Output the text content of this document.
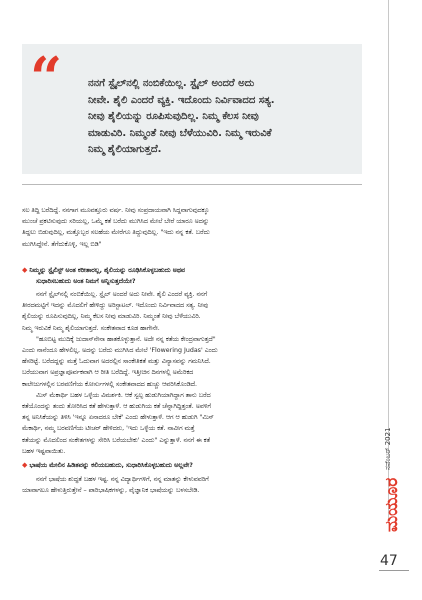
“	ನನಗೆ ಸ್ಟೈಲ್‌ನಲ್ಲಿ ನಂಬಿಕೆಯಿಲ್ಲ. ಸ್ಟೈಲ್ ಅಂದರೆ ಅದು
ನೀವೇ. ಶೈಲಿ ಎಂದರೆ ವ್ಯಕ್ತಿ. ಇದೊಂದು ನಿರ್ವಿವಾದದ ಸತ್ಯ.
ನೀವು ಶೈಲಿಯನ್ನು ರೂಪಿಸುವುದಿಲ್ಲ. ನಿಮ್ಮ ಕೆಲಸ ನೀವು
ಮಾಡುವಿರಿ. ನಿಮ್ಮಂತೆ ನೀವು ಬೆಳೆಯುವಿರಿ. ನಿಮ್ಮ ಇರುವಿಕೆ
ನಿಮ್ಮ ಶೈಲಿಯಾಗುತ್ತದೆ.
ಸಲ ತಿದ್ದಿ ಬರೆದಿದ್ದೆ. ನನಗಾಗ ಮೂವತ್ತೂರು ವರ್ಷ. ನೀವು ಸಂಪ್ರದಾಯವಾಗಿ ಸಿದ್ದವಾಗುವುದಕ್ಕೂ
ಮುಂಚೆ ಪ್ರಕಟಿಸುವುದು ಸರಿಯಲ್ಲ, ಒಮ್ಮೆ ಕತೆ ಬರೆದು ಮುಗಿಸಿದ ಮೇಲೆ ಬೇರೆ ಯಾರೂ ಅದನ್ನು
ತಿದ್ದಲು ಬಿಡುವುದಿಲ್ಲ, ಮತ್ತೊಬ್ಬರ ಸಲಹೆಯ ಮೇರೆಗೂ ತಿದ್ದುವುದಿಲ್ಲ. "ಇದು ನನ್ನ ಕತೆ. ಬರೆದು
ಮುಗಿಸಿದ್ದೇನೆ. ತೆಗೆದುಕೊಳ್ಳಿ, ಇಲ್ಲ ಬಿಡಿ"
◆ ನಿಮ್ಮನ್ನು ಸ್ಟೈಲಿಸ್ಟ್ ಅಂತ ಕರೀತಾರಲ್ಲ, ಶೈಲಿಯನ್ನು ರೂಢಿಸಿಕೊಳ್ಳಬಹುದು ಅಥವ
ಸುಧಾರಿಸಬಹುದು ಅಂತ ನಿಮಗೆ ಅನ್ನಿಸುತ್ತದೆಯೇ?
ನನಗೆ ಸ್ಟೈಲ್‌ನಲ್ಲಿ ನಂಬಿಕೆಯಿಲ್ಲ. ಸ್ಟೈಲ್ ಅಂದರೆ ಅದು ನೀವೇ. ಶೈಲಿ ಎಂದರೆ ವ್ಯಕ್ತಿ. ನನಗೆ
ತೀರದಮಟ್ಟಿಗೆ ಇದನ್ನು ಮೊದಲಿಗೆ ಹೇಳಿದ್ದು ಅರಿಸ್ಟಾಟಲ್. ಇದೊಂದು ನಿರ್ವಿವಾದದ ಸತ್ಯ. ನೀವು
ಶೈಲಿಯನ್ನು ರೂಪಿಸುವುದಿಲ್ಲ, ನಿಮ್ಮ ಕೆಲಸ ನೀವು ಮಾಡುವಿರಿ. ನಿಮ್ಮಂತೆ ನೀವು ಬೆಳೆಯುವಿರಿ.
ನಿಮ್ಮ ಇರುವಿಕೆ ನಿಮ್ಮ ಶೈಲಿಯಾಗುತ್ತದೆ. ಸಂಕೇತವಾದ ಕೂಡ ಹಾಗೇನೇ.
"ಹೂಬಿಟ್ಟ ಮುದಿಕ್ಕೆ ಜುದಾಸ್‌ನೇನಾ ಹಾತಕೊಳ್ಳುತ್ತಾನೆ. ಅದೇ ನನ್ನ ಕತೆಯ ಕೇಂದ್ರವಾಗುತ್ತದೆ"
ಎಂದು ನಾನೆಂದೂ ಹೇಳಲಿಲ್ಲ, ಅದನ್ನು ಬರೆದು ಮುಗಿಸಿದ ಮೇಲೆ 'Flowering Judas' ಎಂದು
ಹೆಸರಿಟ್ಟೆ. ಬರೆದದ್ದನ್ನು ಮತ್ತೆ ಓದುವಾಗ ಅದರಲ್ಲಿನ ಸಾಂಕೇತಿಕತೆ ಮತ್ತು ವಿನ್ಯಾಸವನ್ನು ಗಮನಿಸಿದೆ.
ಬರೆಯುವಾಗ ಅಪ್ರಜ್ಞಾಪೂರ್ವಕವಾಗಿ ಆ ರೀತಿ ಬರೆದಿದ್ದೆ. ಇತ್ತೀಚಿನ ದಿನಗಳಲ್ಲಿ ಅಮೆರಿಕದ
ಕಾಲೇಜುಗಳಲ್ಲಿನ ಬರವಣಿಗೆಯ ಕೋರ್ಸುಗಳಲ್ಲಿ ಸಂಕೇತವಾದದ ಹುಚ್ಚು ಆವರಿಸಿಕೊಂಡಿದೆ.
ಮಿಸ್ ಮೆಕಾರ್ಥಿ ಬಹಳ ಒಳ್ಳೆಯ ವಿಮರ್ಶಕಿ. ಆಕೆ ಸ್ವಲ್ಪ ಹುಡುಗಿಯಾಗಿದ್ದಾಗ ತಾನು ಬರೆದ
ಕತೆಯೊಂದನ್ನು ತಂದು ತೋರಿಸಿದ ಕತೆ ಹೇಳುತ್ತಾಳೆ. ಆ ಹುಡುಗಿಯ ಕತೆ ಚೆನ್ನಾಗಿದ್ದಿತ್ತಂತೆ. ಅವಳಿಗೆ
ತನ್ನ ಅನಿಸಿಕೆಯನ್ನು ತಿಳಿಸಿ 'ಇನ್ನೂ ಏನಾದರೂ ಬೇಕೆ' ಎಂದು ಹೇಳುತ್ತಾಳೆ. ಆಗ ಆ ಹುಡುಗಿ "ಮಿಸ್
ಮೆಕಾರ್ಥಿ, ನಮ್ಮ ಬರವಣಿಗೆಯ ಟೀಚರ್ ಹೇಳಿದರು, 'ಇದು ಒಳ್ಳೆಯ ಕತೆ. ನಾವೀಗ ಮತ್ತೆ
ಕತೆಯನ್ನು ಮೊದಲಿಂದ ಸಂಕೇತಗಳನ್ನು ಸೇರಿಸಿ ಬರೆಯಬೇಕು' ಎಂದು" ಎನ್ನುತ್ತಾಳೆ. ನನಗೆ ಈ ಕತೆ
ಬಹಳ ಇಷ್ಟವಾಯಿತು.
◆ ಭಾಷೆಯ ಮೇಲಿನ ಹಿಡಿತವನ್ನು ಕಲಿಯಬಹುದು, ಸುಧಾರಿಸಿಕೊಳ್ಳಬಹುದು ಅಲ್ಲವೇ?
ನನಗೆ ಭಾಷೆಯ ಶುದ್ಧತೆ ಬಹಳ ಇಷ್ಟ. ನನ್ನ ವಿದ್ಯಾರ್ಥಿಗಳಿಗೆ, ನನ್ನ ಮಾತನ್ನು ಕೇಳುವವರಿಗೆ
ಯಾವಾಗಲೂ ಹೇಳುತ್ತಿರುತ್ತೇನೆ – ಪಾರಿಭಾಷಿಕಗಳನ್ನು, ವೈಜ್ಞಾನಿಕ ಭಾಷೆಯನ್ನು ಬಳಸಬೇಡಿ.
ನವೆಂಬರ್ 2021
ಮಯೂರ
47
